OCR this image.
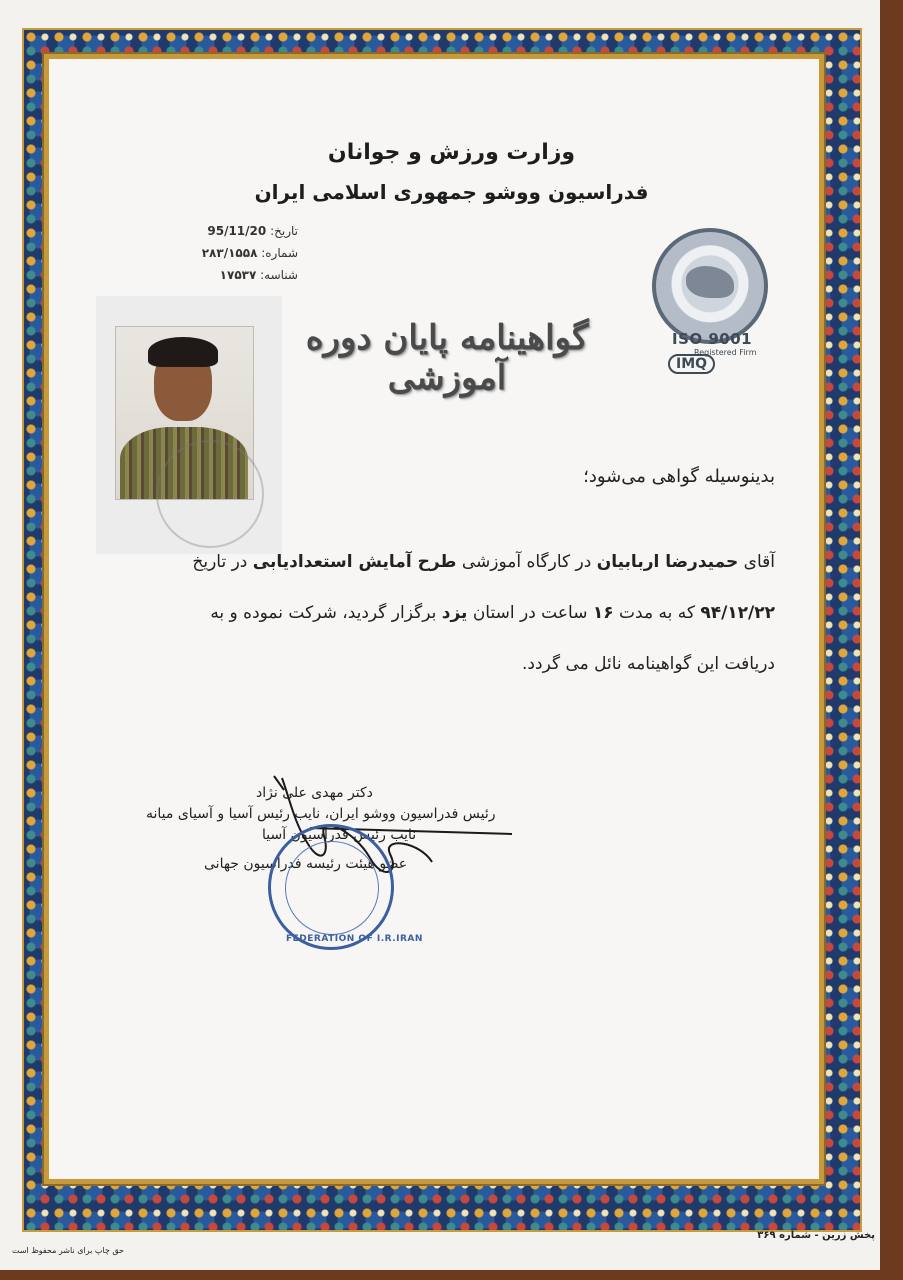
وزارت ورزش و جوانان
فدراسیون ووشو جمهوری اسلامی ایران
تاریخ: 95/11/20
شماره: ۲۸۳/۱۵۵۸
شناسه: ۱۷۵۳۷
ISO 9001
Registered Firm
IMQ
گواهینامه پایان دوره آموزشی
بدینوسیله گواهی می‌شود؛
آقای حمیدرضا اربابیان در کارگاه آموزشی طرح آمایش استعدادیابی در تاریخ
۹۴/۱۲/۲۲ که به مدت ۱۶ ساعت در استان یزد برگزار گردید، شرکت نموده و به
دریافت این گواهینامه نائل می گردد.
دکتر مهدی علی نژاد
رئیس فدراسیون ووشو ایران، نایب رئیس آسیا و آسیای میانه
نایب رئیس فدراسیون آسیا
عضو هیئت رئیسه فدراسیون جهانی
FEDERATION OF I.R.IRAN
پخش زرین - شماره ۳۶۹
حق چاپ برای ناشر محفوظ است
